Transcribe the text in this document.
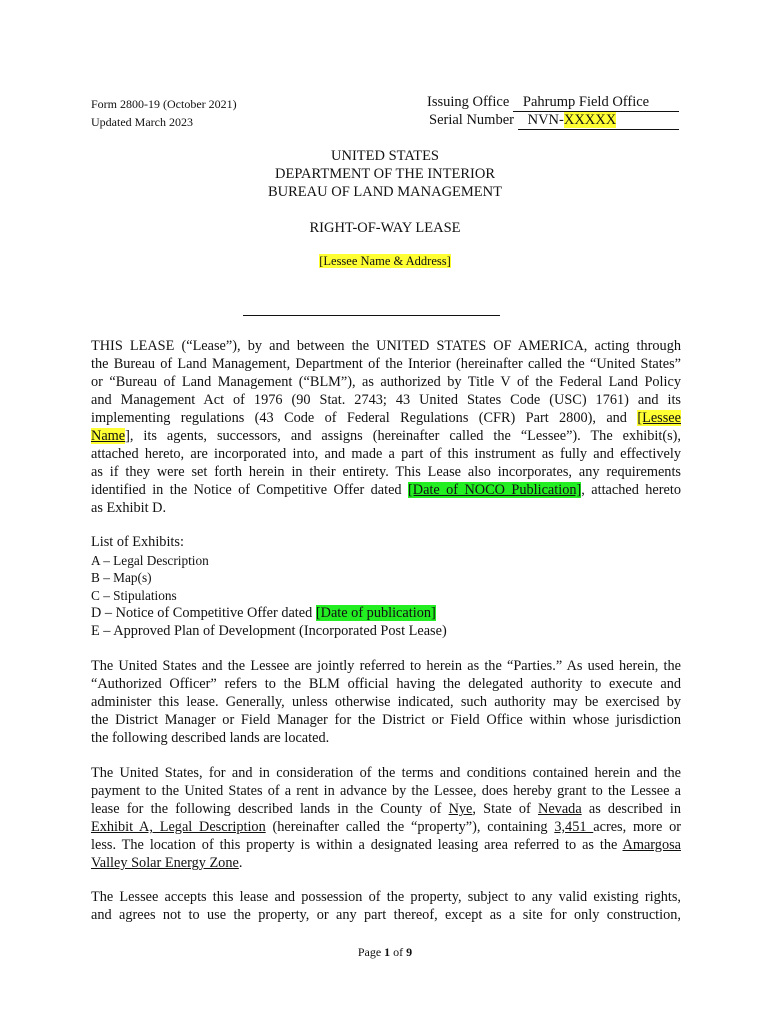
Form 2800-19 (October 2021)
Updated March 2023
Issuing Office Pahrump Field Office
Serial Number NVN-XXXXX
UNITED STATES
DEPARTMENT OF THE INTERIOR
BUREAU OF LAND MANAGEMENT
RIGHT-OF-WAY LEASE
[Lessee Name & Address]
THIS LEASE (“Lease”), by and between the UNITED STATES OF AMERICA, acting through
the Bureau of Land Management, Department of the Interior (hereinafter called the “United States”
or “Bureau of Land Management (“BLM”), as authorized by Title V of the Federal Land Policy
and Management Act of 1976 (90 Stat. 2743; 43 United States Code (USC) 1761) and its
implementing regulations (43 Code of Federal Regulations (CFR) Part 2800), and [Lessee
Name], its agents, successors, and assigns (hereinafter called the “Lessee”). The exhibit(s),
attached hereto, are incorporated into, and made a part of this instrument as fully and effectively
as if they were set forth herein in their entirety. This Lease also incorporates, any requirements
identified in the Notice of Competitive Offer dated [Date of NOCO Publication], attached hereto
as Exhibit D.
List of Exhibits:
A – Legal Description
B – Map(s)
C – Stipulations
D – Notice of Competitive Offer dated [Date of publication]
E – Approved Plan of Development (Incorporated Post Lease)
The United States and the Lessee are jointly referred to herein as the “Parties.” As used herein, the
“Authorized Officer” refers to the BLM official having the delegated authority to execute and
administer this lease. Generally, unless otherwise indicated, such authority may be exercised by
the District Manager or Field Manager for the District or Field Office within whose jurisdiction
the following described lands are located.
The United States, for and in consideration of the terms and conditions contained herein and the
payment to the United States of a rent in advance by the Lessee, does hereby grant to the Lessee a
lease for the following described lands in the County of Nye, State of Nevada as described in
Exhibit A, Legal Description (hereinafter called the “property”), containing 3,451 acres, more or
less. The location of this property is within a designated leasing area referred to as the Amargosa
Valley Solar Energy Zone.
The Lessee accepts this lease and possession of the property, subject to any valid existing rights,
and agrees not to use the property, or any part thereof, except as a site for only construction,
Page 1 of 9
